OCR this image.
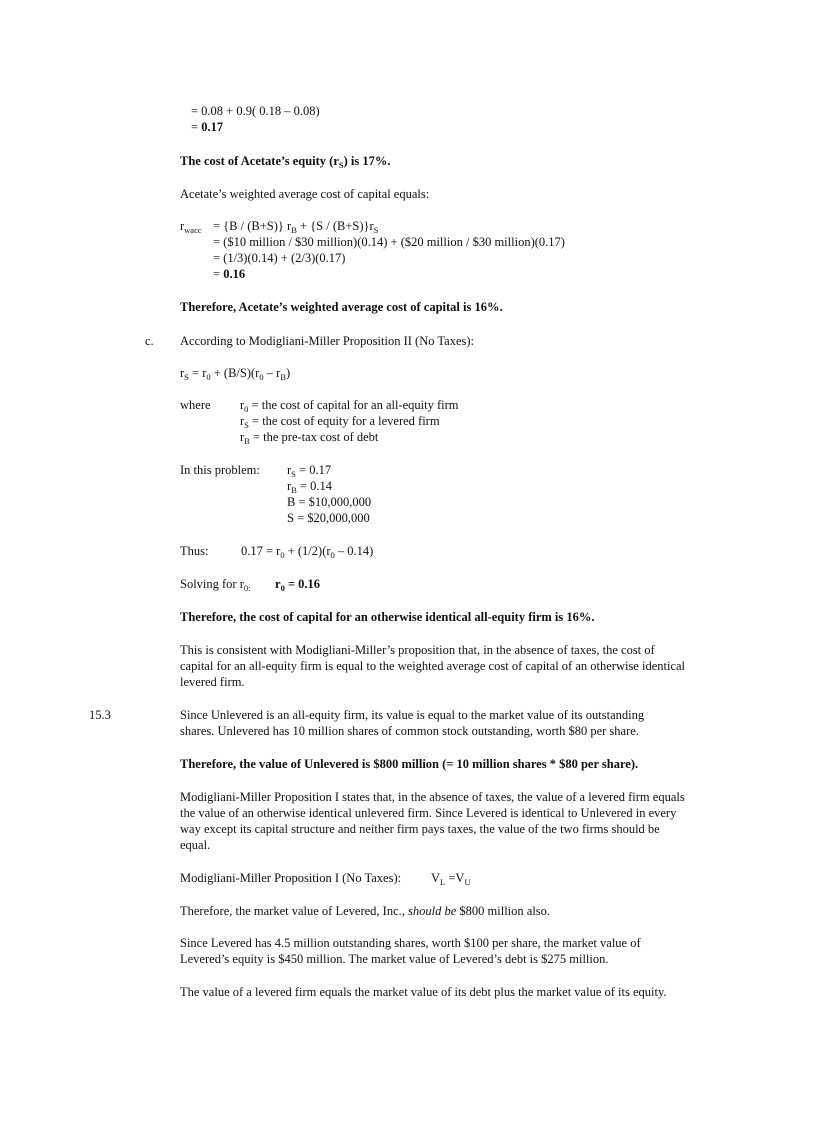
= 0.08 + 0.9( 0.18 – 0.08)
= 0.17
The cost of Acetate’s equity $(r_S)$ is 17%.
Acetate’s weighted average cost of capital equals:
$r_{wacc} = \{B / (B+S)\} r_B + \{S / (B+S)\}r_S$
= ($10 million / $30 million)(0.14) + ($20 million / $30 million)(0.17)
= (1/3)(0.14) + (2/3)(0.17)
= 0.16
Therefore, Acetate’s weighted average cost of capital is 16%.
c. According to Modigliani-Miller Proposition II (No Taxes):
$r_S = r_0 + (B/S)(r_0 - r_B)$
where $r_0$ = the cost of capital for an all-equity firm
$r_S$ = the cost of equity for a levered firm
$r_B$ = the pre-tax cost of debt
In this problem: $r_S = 0.17$
$r_B = 0.14$
B = $10,000,000
S = $20,000,000
Thus:	$0.17 = r_0 + (1/2)(r_0 - 0.14)$
Solving for $r_{0:}$ $r_0 = 0.16$
Therefore, the cost of capital for an otherwise identical all-equity firm is 16%.
This is consistent with Modigliani-Miller’s proposition that, in the absence of taxes, the cost of
capital for an all-equity firm is equal to the weighted average cost of capital of an otherwise identical
levered firm.
15.3	Since Unlevered is an all-equity firm, its value is equal to the market value of its outstanding
shares. Unlevered has 10 million shares of common stock outstanding, worth $80 per share.
Therefore, the value of Unlevered is $800 million (= 10 million shares * $80 per share).
Modigliani-Miller Proposition I states that, in the absence of taxes, the value of a levered firm equals
the value of an otherwise identical unlevered firm. Since Levered is identical to Unlevered in every
way except its capital structure and neither firm pays taxes, the value of the two firms should be
equal.
Modigliani-Miller Proposition I (No Taxes): $V_L =V_U$
Therefore, the market value of Levered, Inc., should be $800 million also.
Since Levered has 4.5 million outstanding shares, worth $100 per share, the market value of
Levered’s equity is $450 million. The market value of Levered’s debt is $275 million.
The value of a levered firm equals the market value of its debt plus the market value of its equity.
